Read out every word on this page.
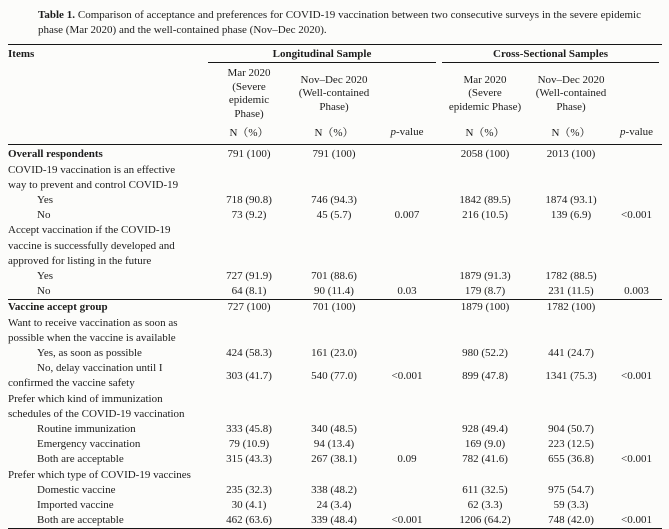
Table 1. Comparison of acceptance and preferences for COVID-19 vaccination between two consecutive surveys in the severe epidemic phase (Mar 2020) and the well-contained phase (Nov–Dec 2020).

Items	Longitudinal Sample			Cross-Sectional Samples		

	Mar 2020
(Severe
epidemic
Phase)	Nov–Dec 2020
(Well-contained
Phase)		Mar 2020
(Severe
epidemic Phase)	Nov–Dec 2020
(Well-contained
Phase)	

	N（%）	N（%）	p-value	N（%）	N（%）	p-value
Overall respondents	791 (100)	791 (100)		2058 (100)	2013 (100)	
COVID-19 vaccination is an effective way to prevent and control COVID-19						
Yes	718 (90.8)	746 (94.3)		1842 (89.5)	1874 (93.1)	
No	73 (9.2)	45 (5.7)	0.007	216 (10.5)	139 (6.9)	<0.001
Accept vaccination if the COVID-19 vaccine is successfully developed and approved for listing in the future						
Yes	727 (91.9)	701 (88.6)		1879 (91.3)	1782 (88.5)	
No	64 (8.1)	90 (11.4)	0.03	179 (8.7)	231 (11.5)	0.003
Vaccine accept group	727 (100)	701 (100)		1879 (100)	1782 (100)	
Want to receive vaccination as soon as possible when the vaccine is available						
Yes, as soon as possible	424 (58.3)	161 (23.0)		980 (52.2)	441 (24.7)	
No, delay vaccination until I confirmed the vaccine safety	303 (41.7)	540 (77.0)	<0.001	899 (47.8)	1341 (75.3)	<0.001
Prefer which kind of immunization schedules of the COVID-19 vaccination						
Routine immunization	333 (45.8)	340 (48.5)		928 (49.4)	904 (50.7)	
Emergency vaccination	79 (10.9)	94 (13.4)		169 (9.0)	223 (12.5)	
Both are acceptable	315 (43.3)	267 (38.1)	0.09	782 (41.6)	655 (36.8)	<0.001
Prefer which type of COVID-19 vaccines						
Domestic vaccine	235 (32.3)	338 (48.2)		611 (32.5)	975 (54.7)	
Imported vaccine	30 (4.1)	24 (3.4)		62 (3.3)	59 (3.3)	
Both are acceptable	462 (63.6)	339 (48.4)	<0.001	1206 (64.2)	748 (42.0)	<0.001
